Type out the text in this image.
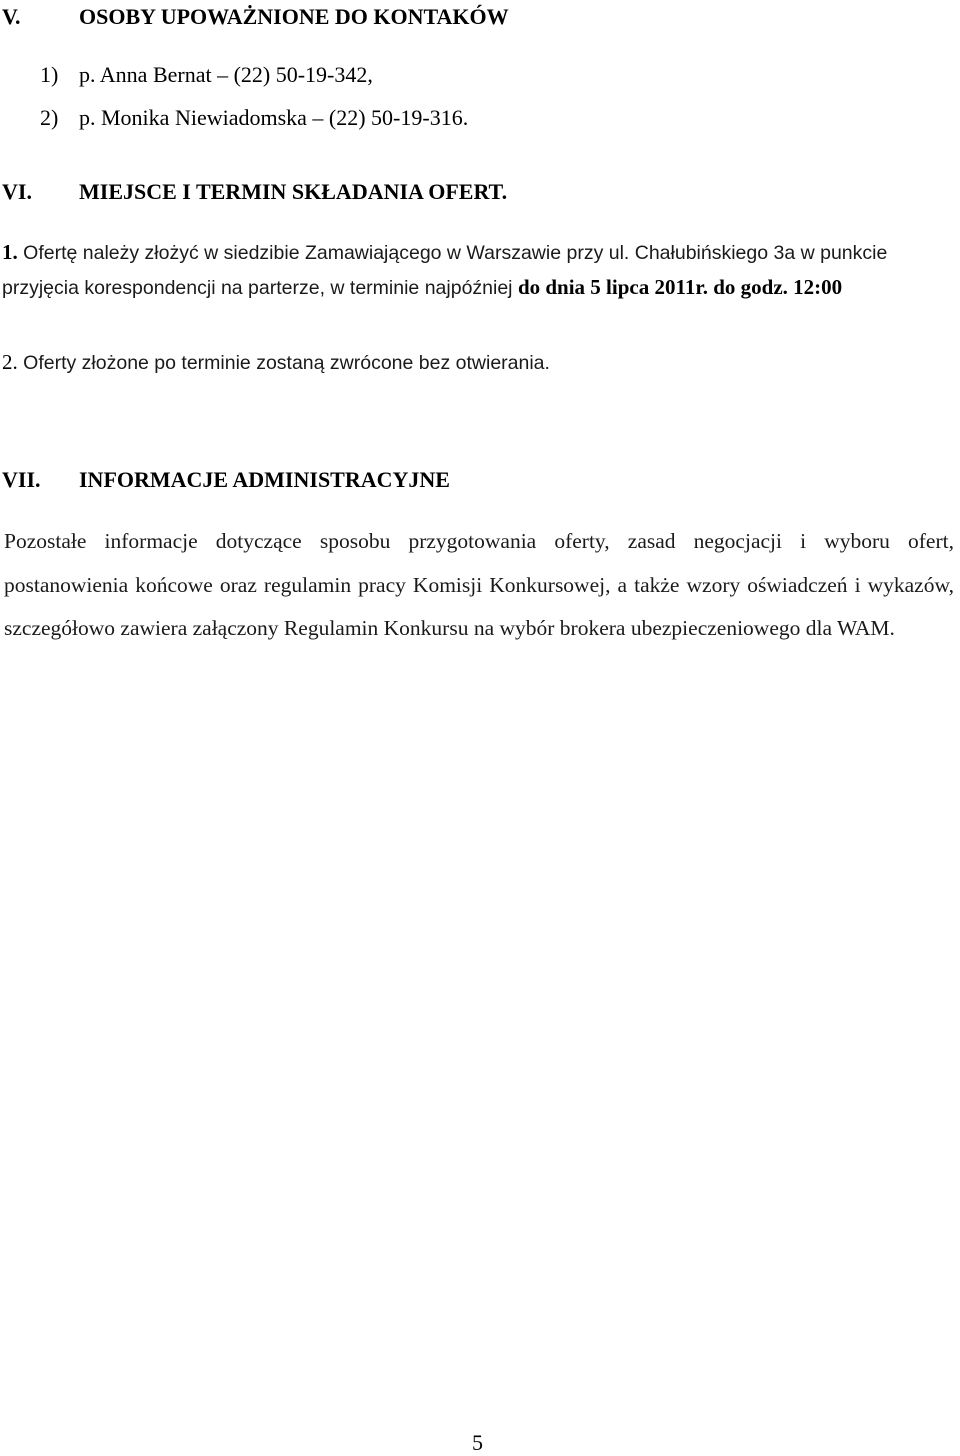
V.	OSOBY UPOWAŻNIONE DO KONTAKÓW
1) p. Anna Bernat – (22) 50-19-342,
2) p. Monika Niewiadomska – (22) 50-19-316.
VI. MIEJSCE I TERMIN SKŁADANIA OFERT.
1. Ofertę należy złożyć w siedzibie Zamawiającego w Warszawie przy ul. Chałubińskiego 3a w punkcie przyjęcia korespondencji na parterze, w terminie najpóźniej do dnia 5 lipca 2011r. do godz. 12:00
2. Oferty złożone po terminie zostaną zwrócone bez otwierania.
VII. INFORMACJE ADMINISTRACYJNE
Pozostałe informacje dotyczące sposobu przygotowania oferty, zasad negocjacji i wyboru ofert, postanowienia końcowe oraz regulamin pracy Komisji Konkursowej, a także wzory oświadczeń i wykazów, szczegółowo zawiera załączony Regulamin Konkursu na wybór brokera ubezpieczeniowego dla WAM.
5
